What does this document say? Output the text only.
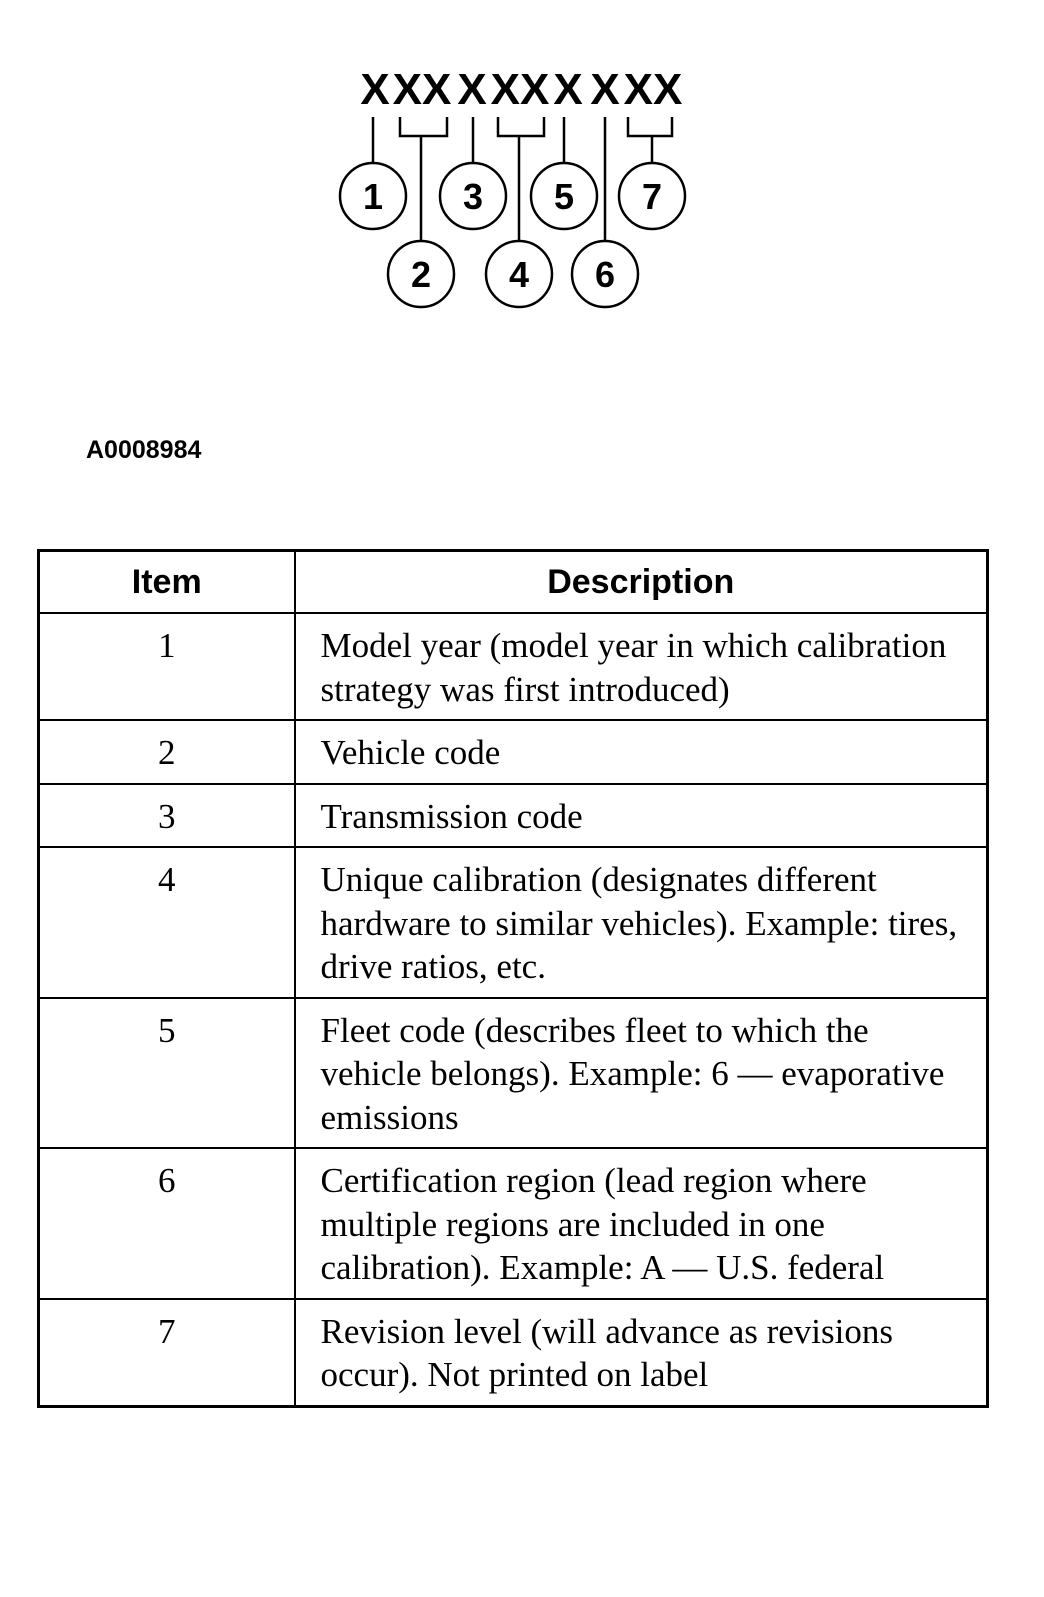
X XX X XX X X XX
1 3 5 7
2 4 6
A0008984
Item	Description
1	Model year (model year in which calibration strategy was first introduced)
2	Vehicle code
3	Transmission code
4	Unique calibration (designates different hardware to similar vehicles). Example: tires, drive ratios, etc.
5	Fleet code (describes fleet to which the vehicle belongs). Example: 6 — evaporative emissions
6	Certification region (lead region where multiple regions are included in one calibration). Example: A — U.S. federal
7	Revision level (will advance as revisions occur). Not printed on label
